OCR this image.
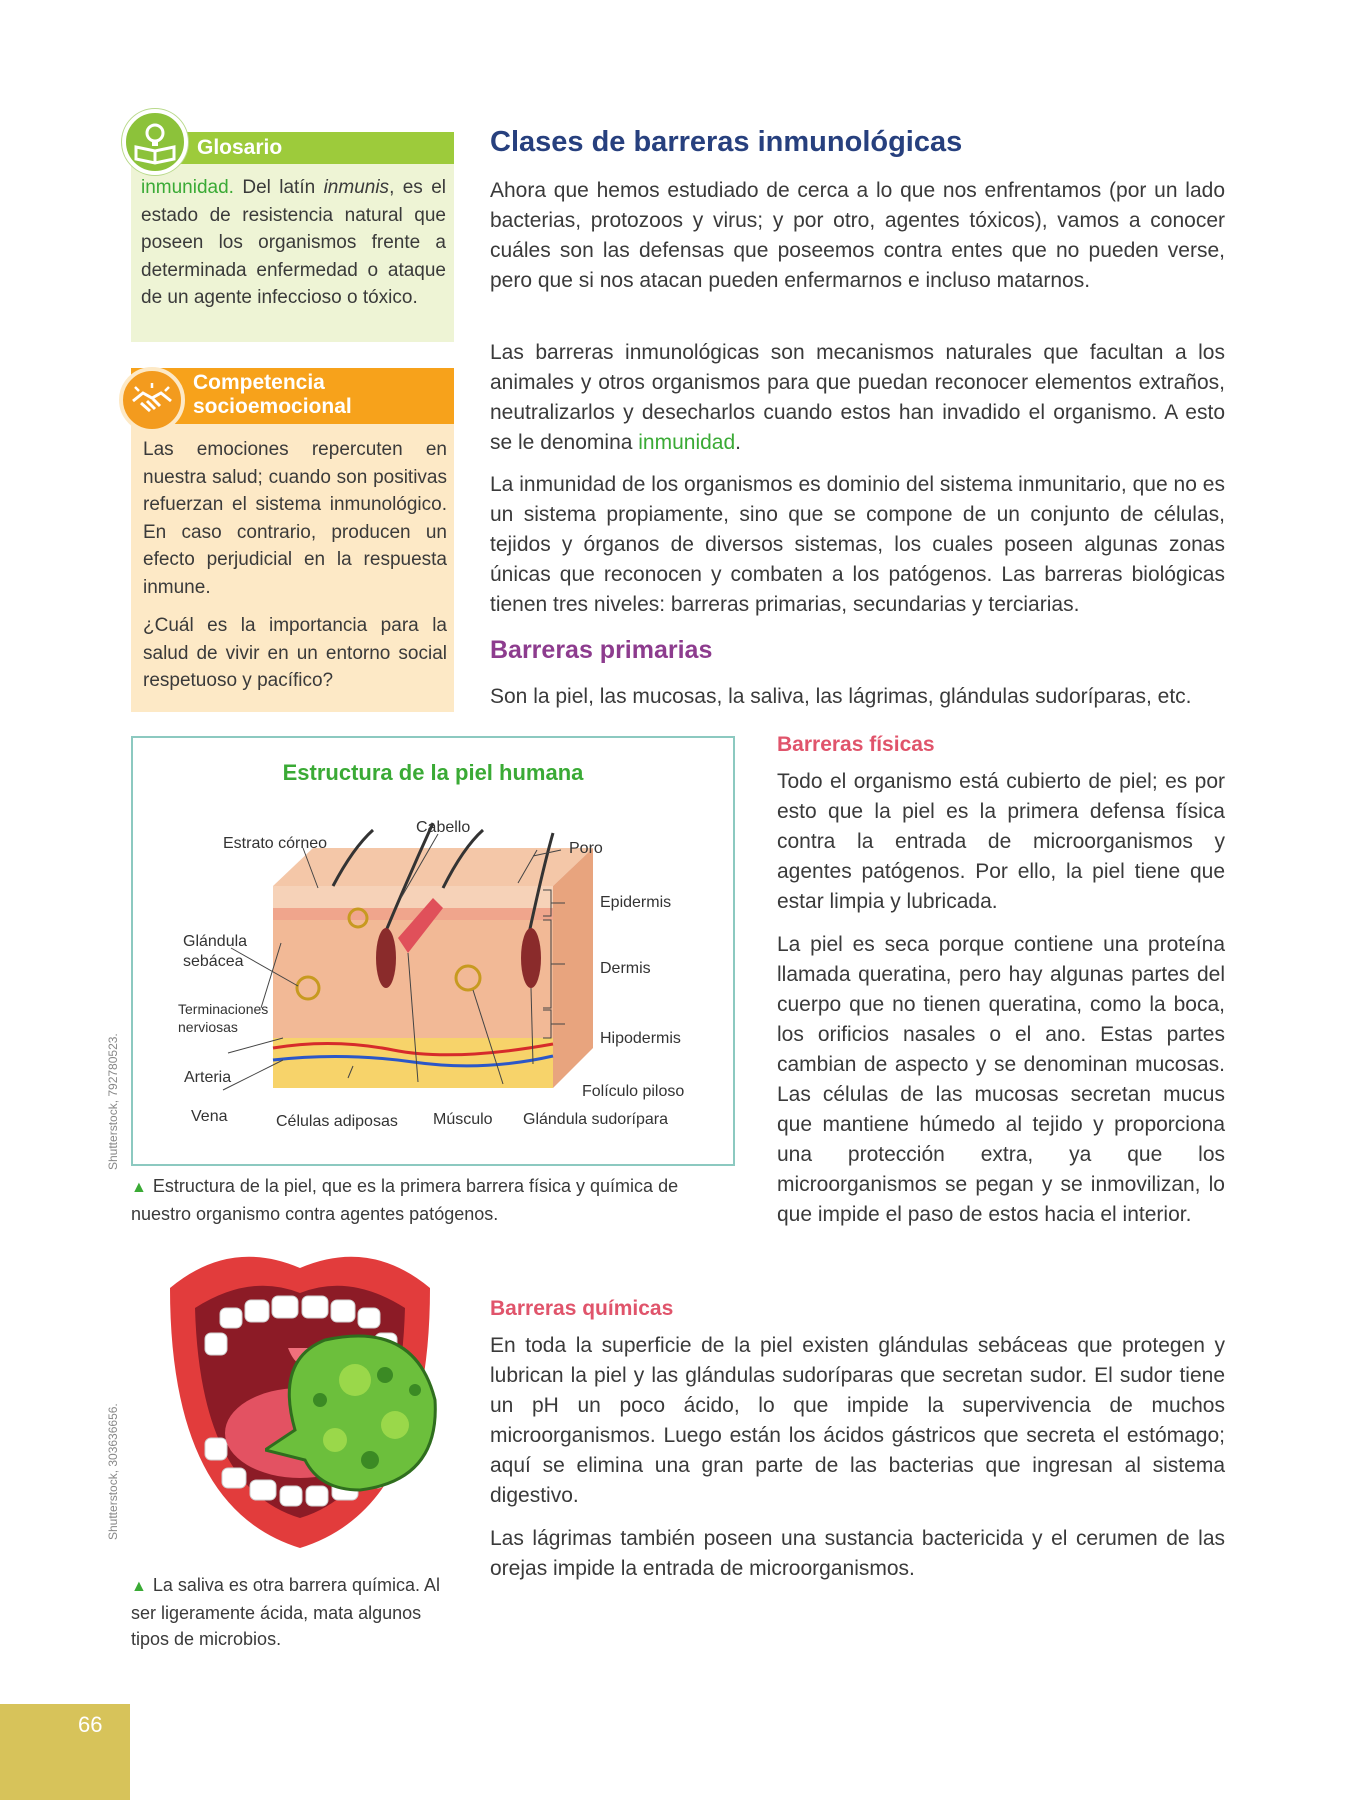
Glosario
inmunidad. Del latín inmunis, es el estado de resistencia natural que poseen los organismos frente a determinada enfermedad o ataque de un agente infeccioso o tóxico.
Competencia
socioemocional
Las emociones repercuten en nuestra salud; cuando son positivas refuerzan el sistema inmunológico. En caso contrario, producen un efecto perjudicial en la respuesta inmune.
¿Cuál es la importancia para la salud de vivir en un entorno social respetuoso y pacífico?
Clases de barreras inmunológicas
Ahora que hemos estudiado de cerca a lo que nos enfrentamos (por un lado bacterias, protozoos y virus; y por otro, agentes tóxicos), vamos a conocer cuáles son las defensas que poseemos contra entes que no pueden verse, pero que si nos atacan pueden enfermarnos e incluso matarnos.
Las barreras inmunológicas son mecanismos naturales que facultan a los animales y otros organismos para que puedan reconocer elementos extraños, neutralizarlos y desecharlos cuando estos han invadido el organismo. A esto se le denomina inmunidad.
La inmunidad de los organismos es dominio del sistema inmunitario, que no es un sistema propiamente, sino que se compone de un conjunto de células, tejidos y órganos de diversos sistemas, los cuales poseen algunas zonas únicas que reconocen y combaten a los patógenos. Las barreras biológicas tienen tres niveles: barreras primarias, secundarias y terciarias.
Barreras primarias
Son la piel, las mucosas, la saliva, las lágrimas, glándulas sudoríparas, etc.
Barreras físicas
Todo el organismo está cubierto de piel; es por esto que la piel es la primera defensa física contra la entrada de microorganismos y agentes patógenos. Por ello, la piel tiene que estar limpia y lubricada.
La piel es seca porque contiene una proteína llamada queratina, pero hay algunas partes del cuerpo que no tienen queratina, como la boca, los orificios nasales o el ano. Estas partes cambian de aspecto y se denominan mucosas. Las células de las mucosas secretan mucus que mantiene húmedo al tejido y proporciona una protección extra, ya que los microorganismos se pegan y se inmovilizan, lo que impide el paso de estos hacia el interior.
Barreras químicas
En toda la superficie de la piel existen glándulas sebáceas que protegen y lubrican la piel y las glándulas sudoríparas que secretan sudor. El sudor tiene un pH un poco ácido, lo que impide la supervivencia de muchos microorganismos. Luego están los ácidos gástricos que secreta el estómago; aquí se elimina una gran parte de las bacterias que ingresan al sistema digestivo.
Las lágrimas también poseen una sustancia bactericida y el cerumen de las orejas impide la entrada de microorganismos.
Estructura de la piel humana
Estrato córneo
Cabello
Poro
Epidermis
Glándula
sebácea	Dermis
Terminaciones
nerviosas
Hipodermis
Arteria
Folículo piloso
Vena	Células adiposas Músculo Glándula sudorípara
Shutterstock, 792780523.
▲ Estructura de la piel, que es la primera barrera física y química de nuestro organismo contra agentes patógenos.
Shutterstock, 303636656.
▲ La saliva es otra barrera química. Al ser ligeramente ácida, mata algunos tipos de microbios.
66
